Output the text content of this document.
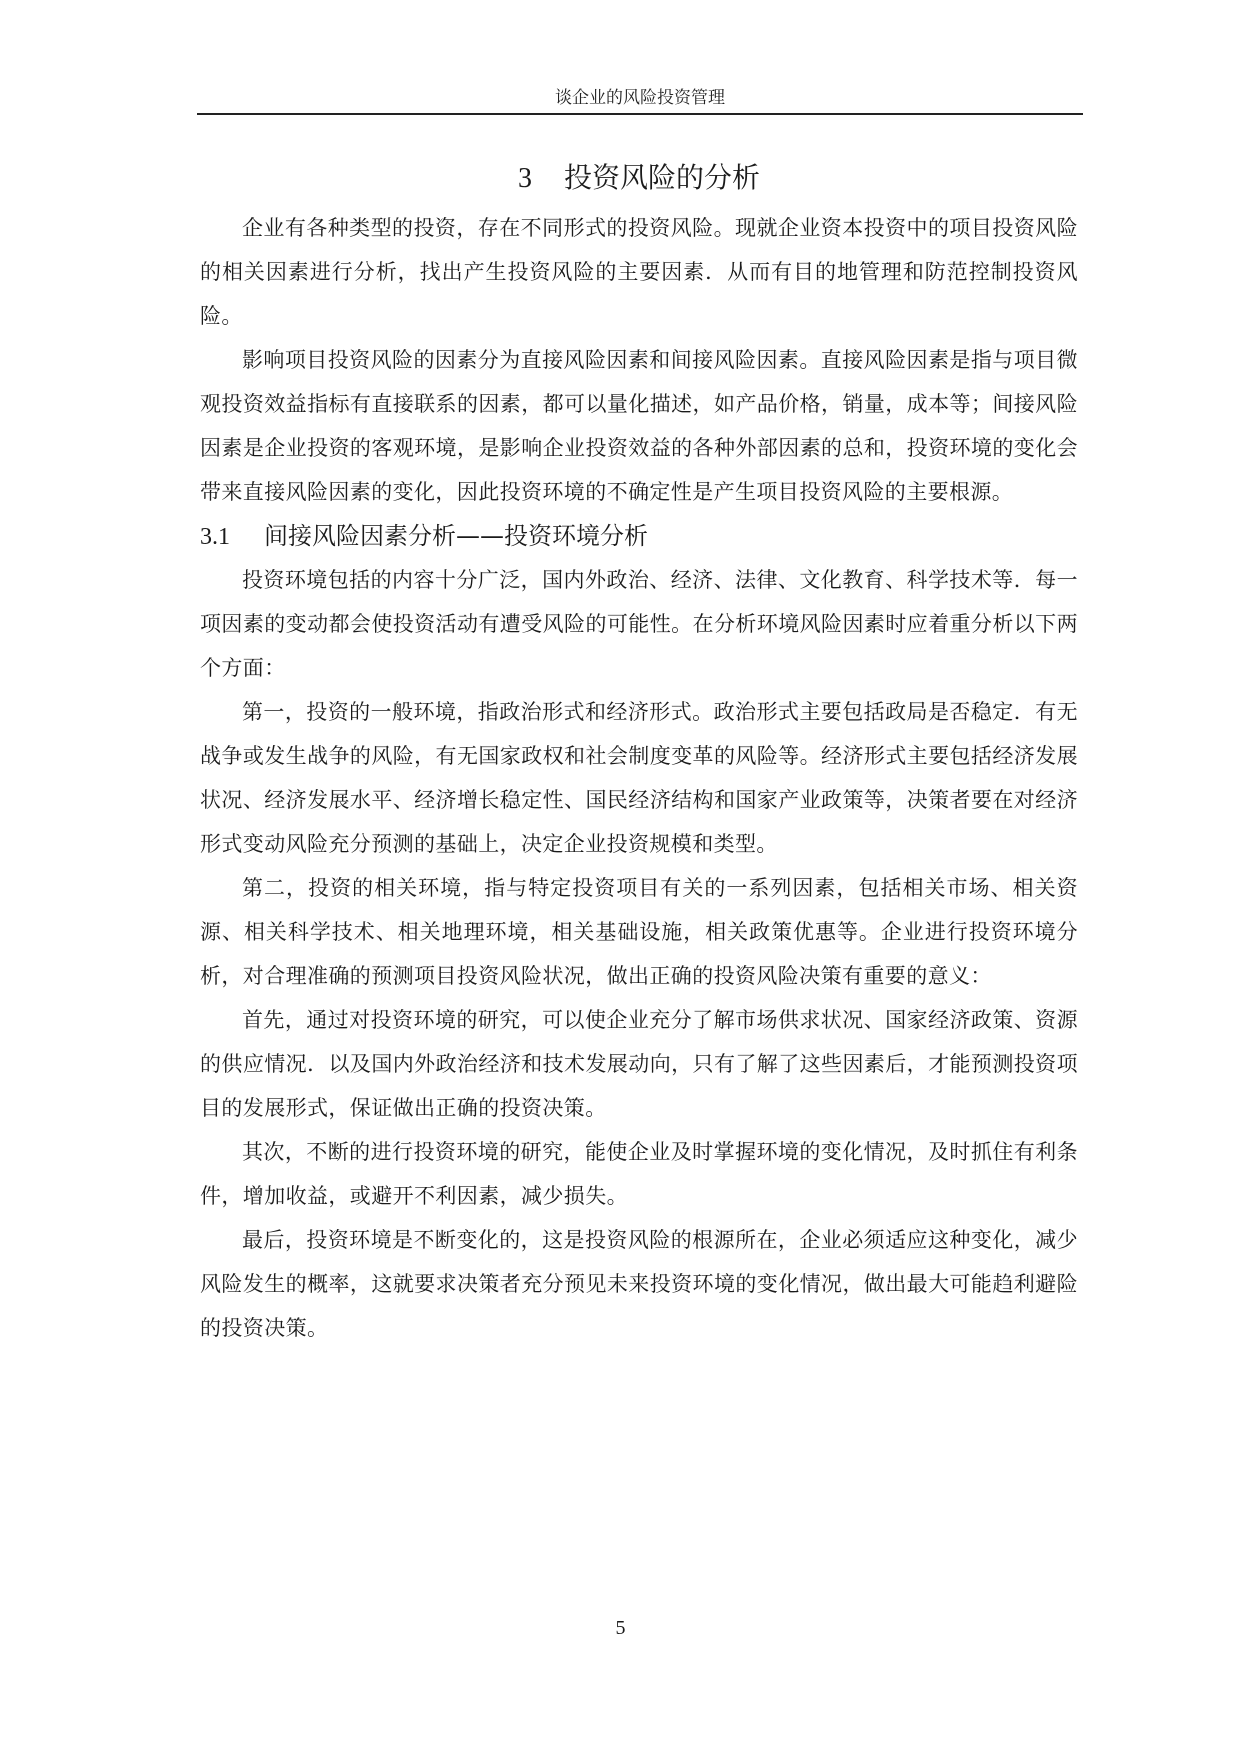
谈企业的风险投资管理
3 投资风险的分析

企业有各种类型的投资，存在不同形式的投资风险。现就企业资本投资中的项目投资风险的相关因素进行分析，找出产生投资风险的主要因素．从而有目的地管理和防范控制投资风险。

影响项目投资风险的因素分为直接风险因素和间接风险因素。直接风险因素是指与项目微观投资效益指标有直接联系的因素，都可以量化描述，如产品价格，销量，成本等；间接风险因素是企业投资的客观环境，是影响企业投资效益的各种外部因素的总和，投资环境的变化会带来直接风险因素的变化，因此投资环境的不确定性是产生项目投资风险的主要根源。

3.1 间接风险因素分析——投资环境分析

投资环境包括的内容十分广泛，国内外政治、经济、法律、文化教育、科学技术等．每一项因素的变动都会使投资活动有遭受风险的可能性。在分析环境风险因素时应着重分析以下两个方面：

第一，投资的一般环境，指政治形式和经济形式。政治形式主要包括政局是否稳定．有无战争或发生战争的风险，有无国家政权和社会制度变革的风险等。经济形式主要包括经济发展状况、经济发展水平、经济增长稳定性、国民经济结构和国家产业政策等，决策者要在对经济形式变动风险充分预测的基础上，决定企业投资规模和类型。

第二，投资的相关环境，指与特定投资项目有关的一系列因素，包括相关市场、相关资源、相关科学技术、相关地理环境，相关基础设施，相关政策优惠等。企业进行投资环境分析，对合理准确的预测项目投资风险状况，做出正确的投资风险决策有重要的意义：

首先，通过对投资环境的研究，可以使企业充分了解市场供求状况、国家经济政策、资源的供应情况．以及国内外政治经济和技术发展动向，只有了解了这些因素后，才能预测投资项目的发展形式，保证做出正确的投资决策。

其次，不断的进行投资环境的研究，能使企业及时掌握环境的变化情况，及时抓住有利条件，增加收益，或避开不利因素，减少损失。

最后，投资环境是不断变化的，这是投资风险的根源所在，企业必须适应这种变化，减少风险发生的概率，这就要求决策者充分预见未来投资环境的变化情况，做出最大可能趋利避险的投资决策。

5
